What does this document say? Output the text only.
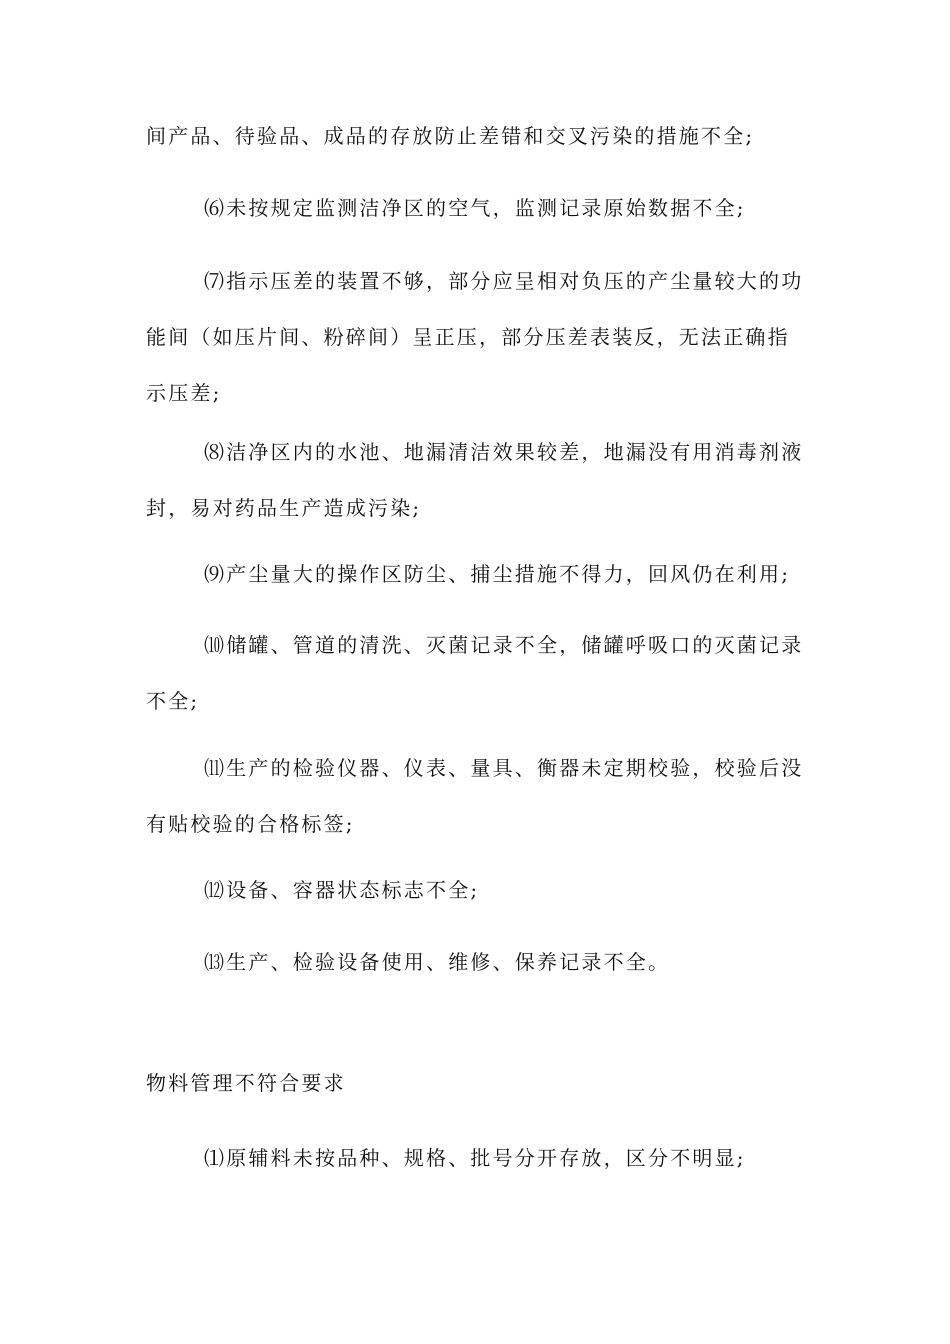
间产品、待验品、成品的存放防止差错和交叉污染的措施不全;

⑹未按规定监测洁净区的空气，监测记录原始数据不全;

⑺指示压差的装置不够，部分应呈相对负压的产尘量较大的功能间（如压片间、粉碎间）呈正压，部分压差表装反，无法正确指示压差;

⑻洁净区内的水池、地漏清洁效果较差，地漏没有用消毒剂液封，易对药品生产造成污染;

⑼产尘量大的操作区防尘、捕尘措施不得力，回风仍在利用;

⑽储罐、管道的清洗、灭菌记录不全，储罐呼吸口的灭菌记录不全;

⑾生产的检验仪器、仪表、量具、衡器未定期校验，校验后没有贴校验的合格标签;

⑿设备、容器状态标志不全;

⒀生产、检验设备使用、维修、保养记录不全。

物料管理不符合要求

⑴原辅料未按品种、规格、批号分开存放，区分不明显;
